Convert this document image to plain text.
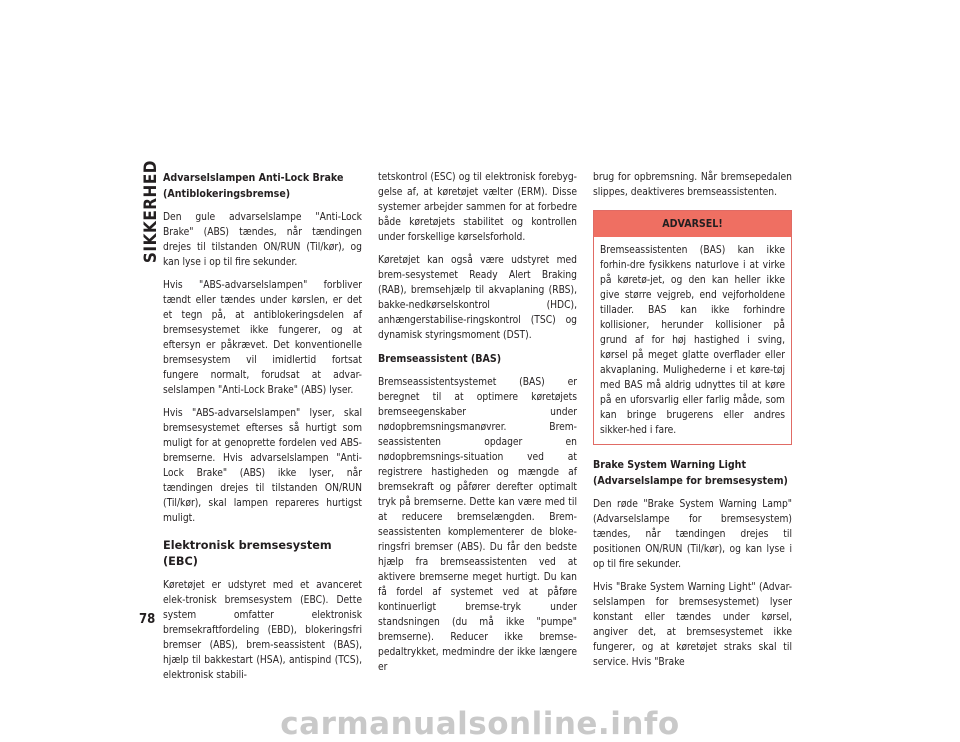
SIKKERHED
78
Advarselslampen Anti-Lock Brake (Antiblokeringsbremse)

Den gule advarselslampe "Anti-Lock Brake" (ABS) tændes, når tændingen drejes til tilstanden ON/RUN (Til/kør), og kan lyse i op til fire sekunder.

Hvis "ABS-advarselslampen" forbliver tændt eller tændes under kørslen, er det et tegn på, at antiblokeringsdelen af bremsesystemet ikke fungerer, og at eftersyn er påkrævet. Det konventionelle bremsesystem vil imidlertid fortsat fungere normalt, forudsat at advar-selslampen "Anti-Lock Brake" (ABS) lyser.

Hvis "ABS-advarselslampen" lyser, skal bremsesystemet efterses så hurtigt som muligt for at genoprette fordelen ved ABS-bremserne. Hvis advarselslampen "Anti-Lock Brake" (ABS) ikke lyser, når tændingen drejes til tilstanden ON/RUN (Til/kør), skal lampen repareres hurtigst muligt.

Elektronisk bremsesystem (EBC)

Køretøjet er udstyret med et avanceret elek-tronisk bremsesystem (EBC). Dette system omfatter elektronisk bremsekraftfordeling (EBD), blokeringsfri bremser (ABS), brem-seassistent (BAS), hjælp til bakkestart (HSA), antispind (TCS), elektronisk stabili-

tetskontrol (ESC) og til elektronisk forebyg-gelse af, at køretøjet vælter (ERM). Disse systemer arbejder sammen for at forbedre både køretøjets stabilitet og kontrollen under forskellige kørselsforhold.

Køretøjet kan også være udstyret med brem-sesystemet Ready Alert Braking (RAB), bremsehjælp til akvaplaning (RBS), bakke-nedkørselskontrol (HDC), anhængerstabilise-ringskontrol (TSC) og dynamisk styringsmoment (DST).

Bremseassistent (BAS)

Bremseassistentsystemet (BAS) er beregnet til at optimere køretøjets bremseegenskaber under nødopbremsningsmanøvrer. Brem-seassistenten opdager en nødopbremsnings-situation ved at registrere hastigheden og mængde af bremsekraft og påfører derefter optimalt tryk på bremserne. Dette kan være med til at reducere bremselængden. Brem-seassistenten komplementerer de bloke-ringsfri bremser (ABS). Du får den bedste hjælp fra bremseassistenten ved at aktivere bremserne meget hurtigt. Du kan få fordel af systemet ved at påføre kontinuerligt bremse-tryk under standsningen (du må ikke "pumpe" bremserne). Reducer ikke bremse-pedaltrykket, medmindre der ikke længere er

brug for opbremsning. Når bremsepedalen slippes, deaktiveres bremseassistenten.

ADVARSEL!
Bremseassistenten (BAS) kan ikke forhin-dre fysikkens naturlove i at virke på køretø-jet, og den kan heller ikke give større vejgreb, end vejforholdene tillader. BAS kan ikke forhindre kollisioner, herunder kollisioner på grund af for høj hastighed i sving, kørsel på meget glatte overflader eller akvaplaning. Mulighederne i et køre-tøj med BAS må aldrig udnyttes til at køre på en uforsvarlig eller farlig måde, som kan bringe brugerens eller andres sikker-hed i fare.
Brake System Warning Light (Advarselslampe for bremsesystem)

Den røde "Brake System Warning Lamp" (Advarselslampe for bremsesystem) tændes, når tændingen drejes til positionen ON/RUN (Til/kør), og kan lyse i op til fire sekunder.

Hvis "Brake System Warning Light" (Advar-selslampen for bremsesystemet) lyser konstant eller tændes under kørsel, angiver det, at bremsesystemet ikke fungerer, og at køretøjet straks skal til service. Hvis "Brake

carmanualsonline.info
